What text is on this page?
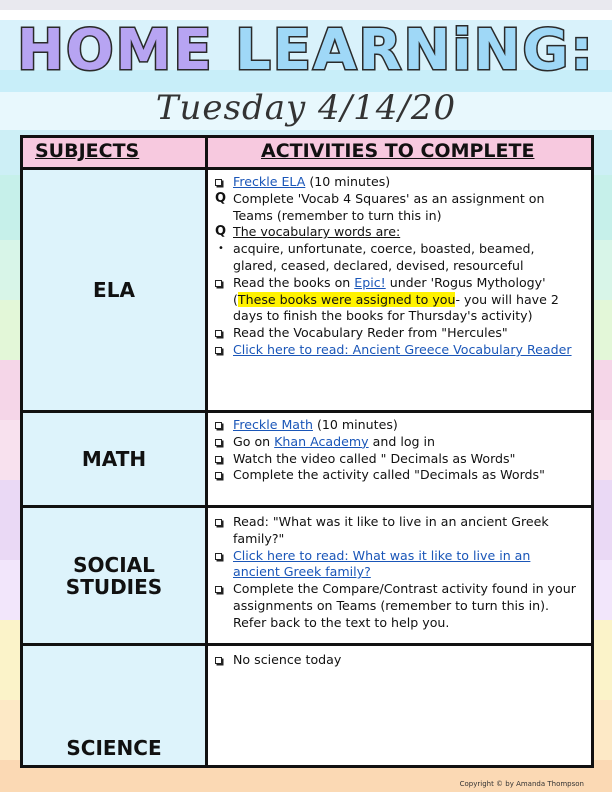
HOME LEARNiNG:
Tuesday 4/14/20
SUBJECTS	ACTIVITIES TO COMPLETE
ELA
Freckle ELA (10 minutes)
Q Complete 'Vocab 4 Squares' as an assignment on Teams (remember to turn this in)
Q The vocabulary words are:
• acquire, unfortunate, coerce, boasted, beamed, glared, ceased, declared, devised, resourceful
Read the books on Epic! under 'Rogus Mythology' (These books were assigned to you- you will have 2 days to finish the books for Thursday's activity)
Read the Vocabulary Reder from "Hercules"
Click here to read: Ancient Greece Vocabulary Reader
MATH
Freckle Math (10 minutes)
Go on Khan Academy and log in
Watch the video called " Decimals as Words"
Complete the activity called "Decimals as Words"
SOCIAL
STUDIES
Read: "What was it like to live in an ancient Greek family?"
Click here to read: What was it like to live in an ancient Greek family?
Complete the Compare/Contrast activity found in your assignments on Teams (remember to turn this in). Refer back to the text to help you.
SCIENCE
No science today
Copyright © by Amanda Thompson
